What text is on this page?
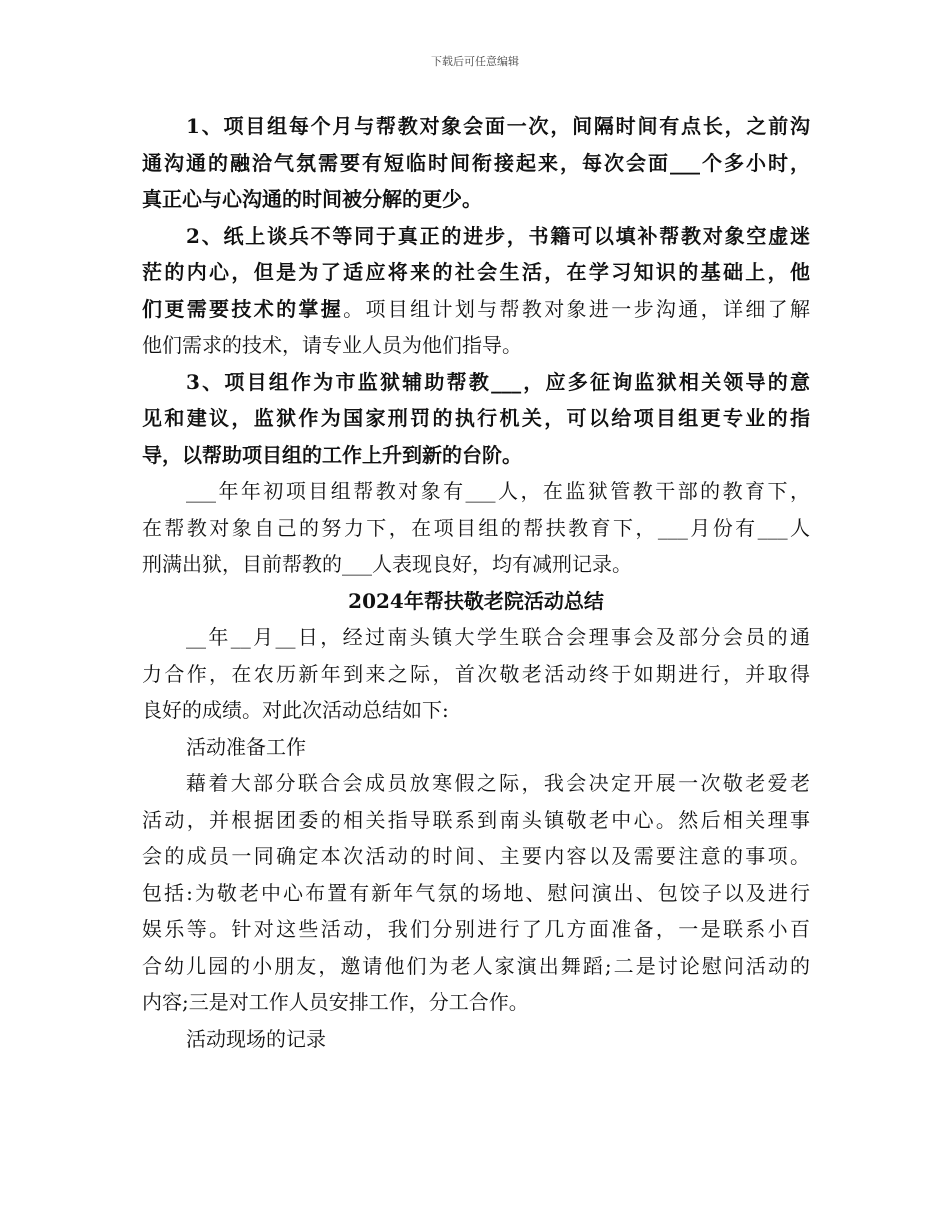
下载后可任意编辑

1、项目组每个月与帮教对象会面一次，间隔时间有点长，之前沟

通沟通的融洽气氛需要有短临时间衔接起来，每次会面___个多小时，

真正心与心沟通的时间被分解的更少。

2、纸上谈兵不等同于真正的进步，书籍可以填补帮教对象空虚迷

茫的内心，但是为了适应将来的社会生活，在学习知识的基础上，他

们更需要技术的掌握。项目组计划与帮教对象进一步沟通，详细了解

他们需求的技术，请专业人员为他们指导。

3、项目组作为市监狱辅助帮教___，应多征询监狱相关领导的意

见和建议，监狱作为国家刑罚的执行机关，可以给项目组更专业的指

导，以帮助项目组的工作上升到新的台阶。

___年年初项目组帮教对象有___人，在监狱管教干部的教育下，

在帮教对象自己的努力下，在项目组的帮扶教育下，___月份有___人

刑满出狱，目前帮教的___人表现良好，均有减刑记录。

2024年帮扶敬老院活动总结

__年__月__日，经过南头镇大学生联合会理事会及部分会员的通

力合作，在农历新年到来之际，首次敬老活动终于如期进行，并取得

良好的成绩。对此次活动总结如下:

活动准备工作

藉着大部分联合会成员放寒假之际，我会决定开展一次敬老爱老

活动，并根据团委的相关指导联系到南头镇敬老中心。然后相关理事

会的成员一同确定本次活动的时间、主要内容以及需要注意的事项。

包括:为敬老中心布置有新年气氛的场地、慰问演出、包饺子以及进行

娱乐等。针对这些活动，我们分别进行了几方面准备，一是联系小百

合幼儿园的小朋友，邀请他们为老人家演出舞蹈;二是讨论慰问活动的

内容;三是对工作人员安排工作，分工合作。

活动现场的记录
